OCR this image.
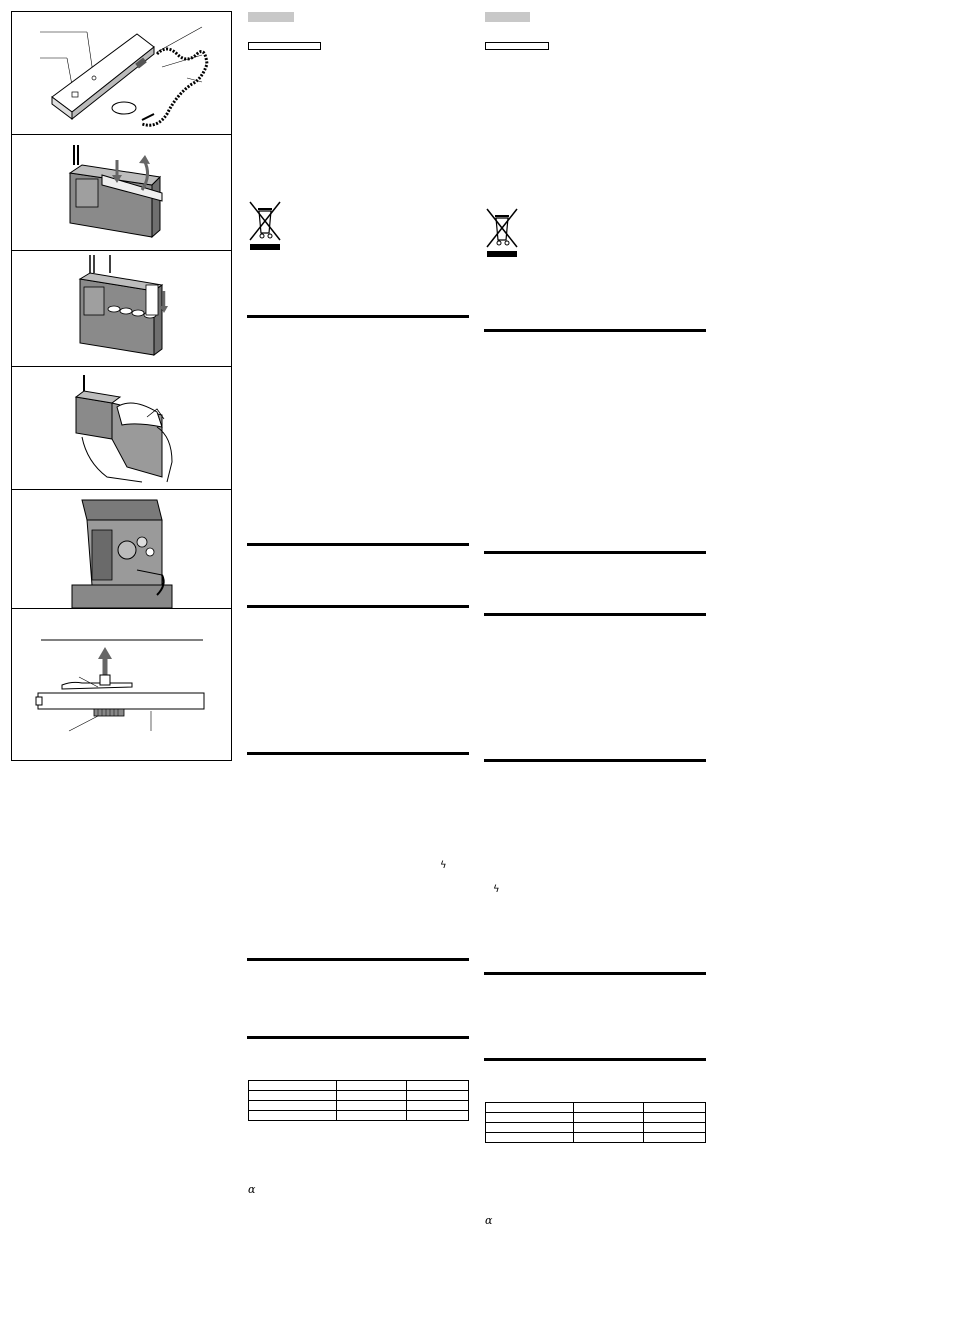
ϟ

α
ϟ

α
